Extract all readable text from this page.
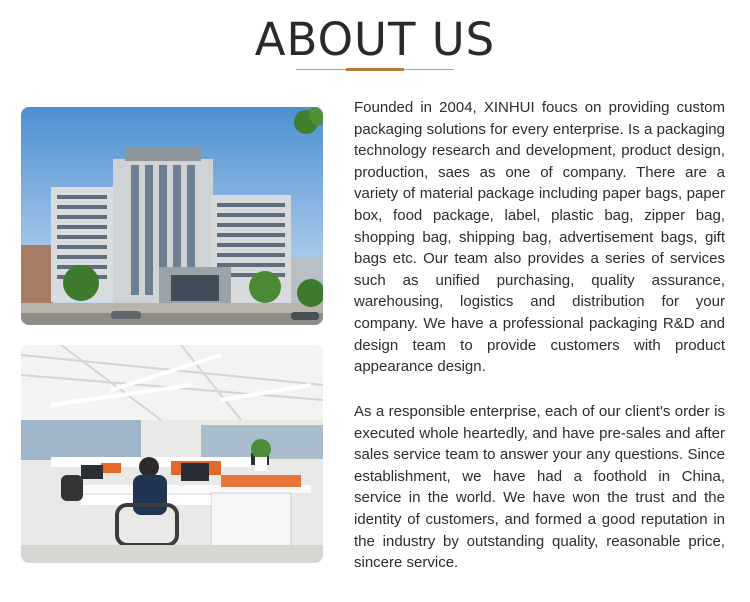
ABOUT US
Founded in 2004, XINHUI foucs on providing custom packaging solutions for every enterprise. Is a packaging technology research and development, product design, production, saes as one of company. There are a variety of material package including paper bags, paper box, food package, label, plastic bag, zipper bag, shopping bag, shipping bag, advertisement bags, gift bags etc. Our team also provides a series of services such as unified purchasing, quality assurance, warehousing, logistics and distribution for your company. We have a professional packaging R&D and design team to provide customers with product appearance design.
As a responsible enterprise, each of our client's order is executed whole heartedly, and have pre-sales and after sales service team to answer your any questions. Since establishment, we have had a foothold in China, service in the world. We have won the trust and the identity of customers, and formed a good reputation in the industry by outstanding quality, reasonable price, sincere service.
